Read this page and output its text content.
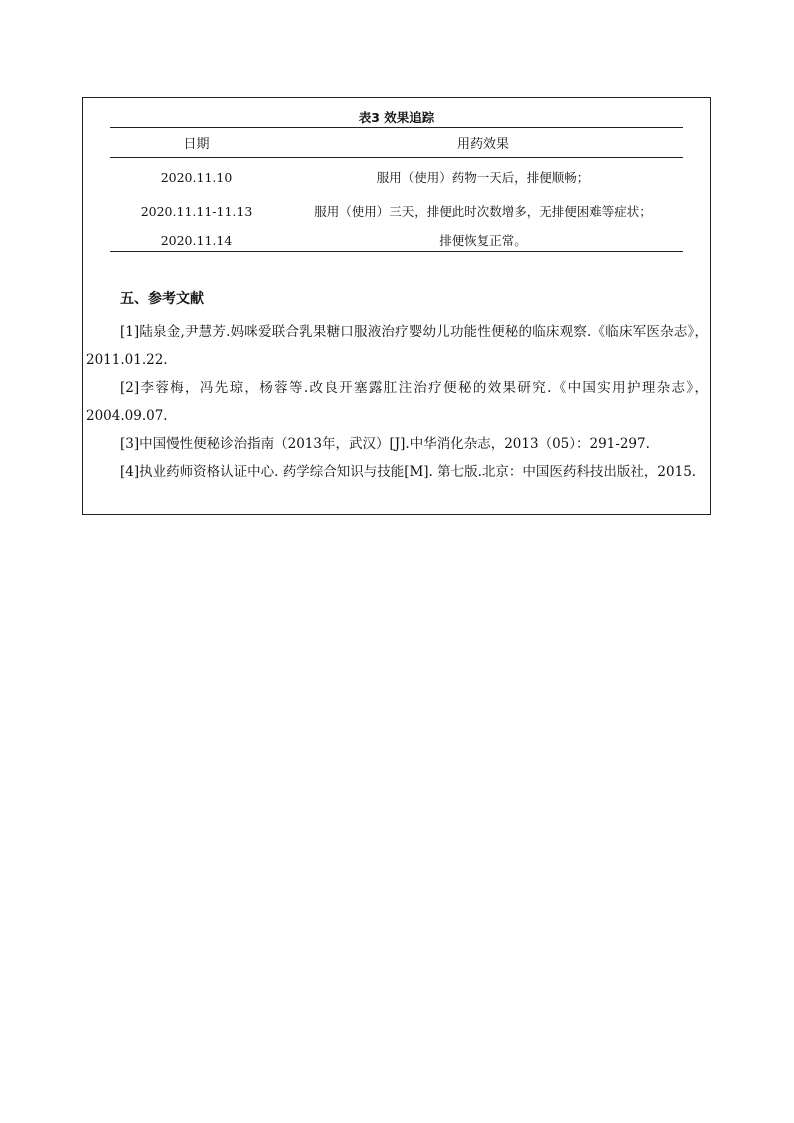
表3 效果追踪
日期	用药效果
2020.11.10	服用（使用）药物一天后，排便顺畅；
2020.11.11-11.13	服用（使用）三天，排便此时次数增多，无排便困难等症状；
2020.11.14	排便恢复正常。
五、参考文献

[1]陆泉金,尹慧芳.妈咪爱联合乳果糖口服液治疗婴幼儿功能性便秘的临床观察.《临床军医杂志》，2011.01.22.

[2]李蓉梅，冯先琼，杨蓉等.改良开塞露肛注治疗便秘的效果研究.《中国实用护理杂志》，2004.09.07.

[3]中国慢性便秘诊治指南（2013年，武汉）[J].中华消化杂志，2013（05）：291-297.

[4]执业药师资格认证中心. 药学综合知识与技能[M]. 第七版.北京：中国医药科技出版社，2015.
